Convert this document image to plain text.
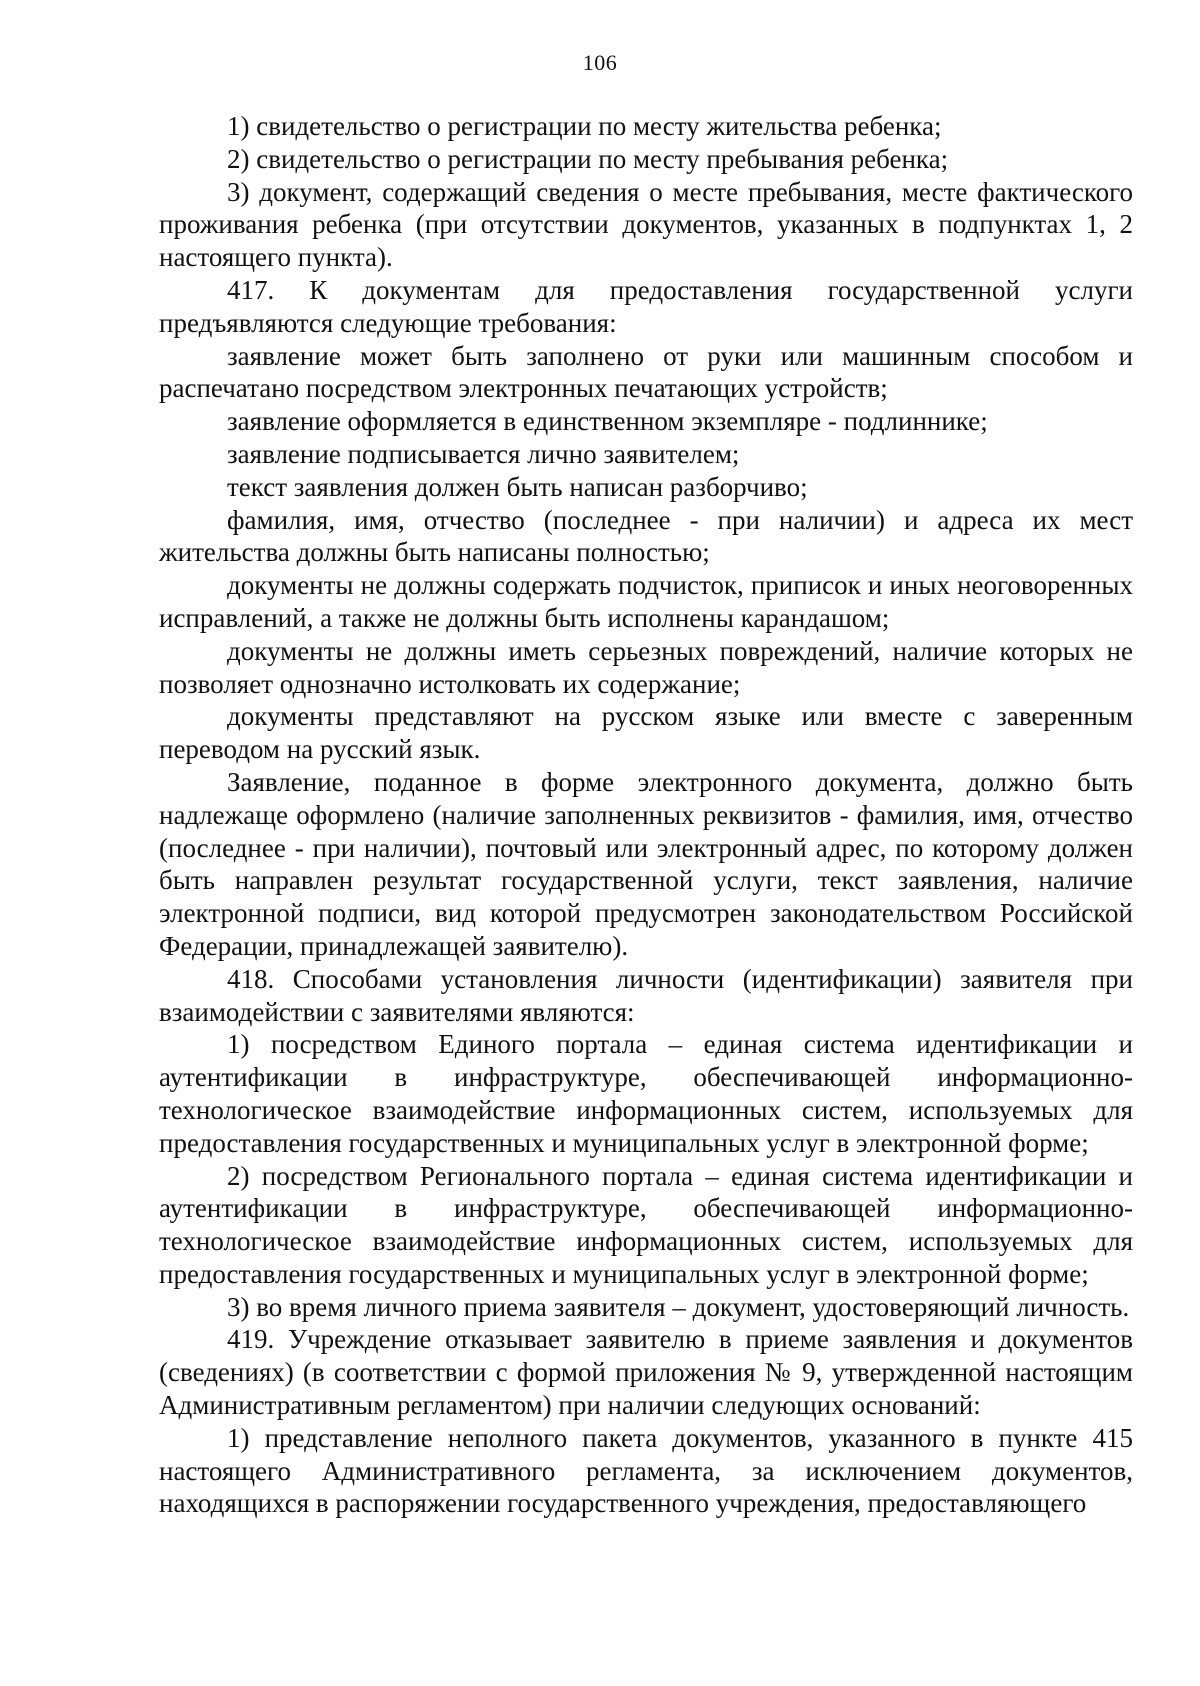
106

1) свидетельство о регистрации по месту жительства ребенка;

2) свидетельство о регистрации по месту пребывания ребенка;

3) документ, содержащий сведения о месте пребывания, месте фактического проживания ребенка (при отсутствии документов, указанных в подпунктах 1, 2 настоящего пункта).

417. К документам для предоставления государственной услуги предъявляются следующие требования:

заявление может быть заполнено от руки или машинным способом и распечатано посредством электронных печатающих устройств;

заявление оформляется в единственном экземпляре - подлиннике;

заявление подписывается лично заявителем;

текст заявления должен быть написан разборчиво;

фамилия, имя, отчество (последнее - при наличии) и адреса их мест жительства должны быть написаны полностью;

документы не должны содержать подчисток, приписок и иных неоговоренных исправлений, а также не должны быть исполнены карандашом;

документы не должны иметь серьезных повреждений, наличие которых не позволяет однозначно истолковать их содержание;

документы представляют на русском языке или вместе с заверенным переводом на русский язык.

Заявление, поданное в форме электронного документа, должно быть надлежаще оформлено (наличие заполненных реквизитов - фамилия, имя, отчество (последнее - при наличии), почтовый или электронный адрес, по которому должен быть направлен результат государственной услуги, текст заявления, наличие электронной подписи, вид которой предусмотрен законодательством Российской Федерации, принадлежащей заявителю).

418. Способами установления личности (идентификации) заявителя при взаимодействии с заявителями являются:

1) посредством Единого портала – единая система идентификации и аутентификации в инфраструктуре, обеспечивающей информационно-технологическое взаимодействие информационных систем, используемых для предоставления государственных и муниципальных услуг в электронной форме;

2) посредством Регионального портала – единая система идентификации и аутентификации в инфраструктуре, обеспечивающей информационно-технологическое взаимодействие информационных систем, используемых для предоставления государственных и муниципальных услуг в электронной форме;

3) во время личного приема заявителя – документ, удостоверяющий личность.

419. Учреждение отказывает заявителю в приеме заявления и документов (сведениях) (в соответствии с формой приложения № 9, утвержденной настоящим Административным регламентом) при наличии следующих оснований:

1) представление неполного пакета документов, указанного в пункте 415 настоящего Административного регламента, за исключением документов, находящихся в распоряжении государственного учреждения, предоставляющего
